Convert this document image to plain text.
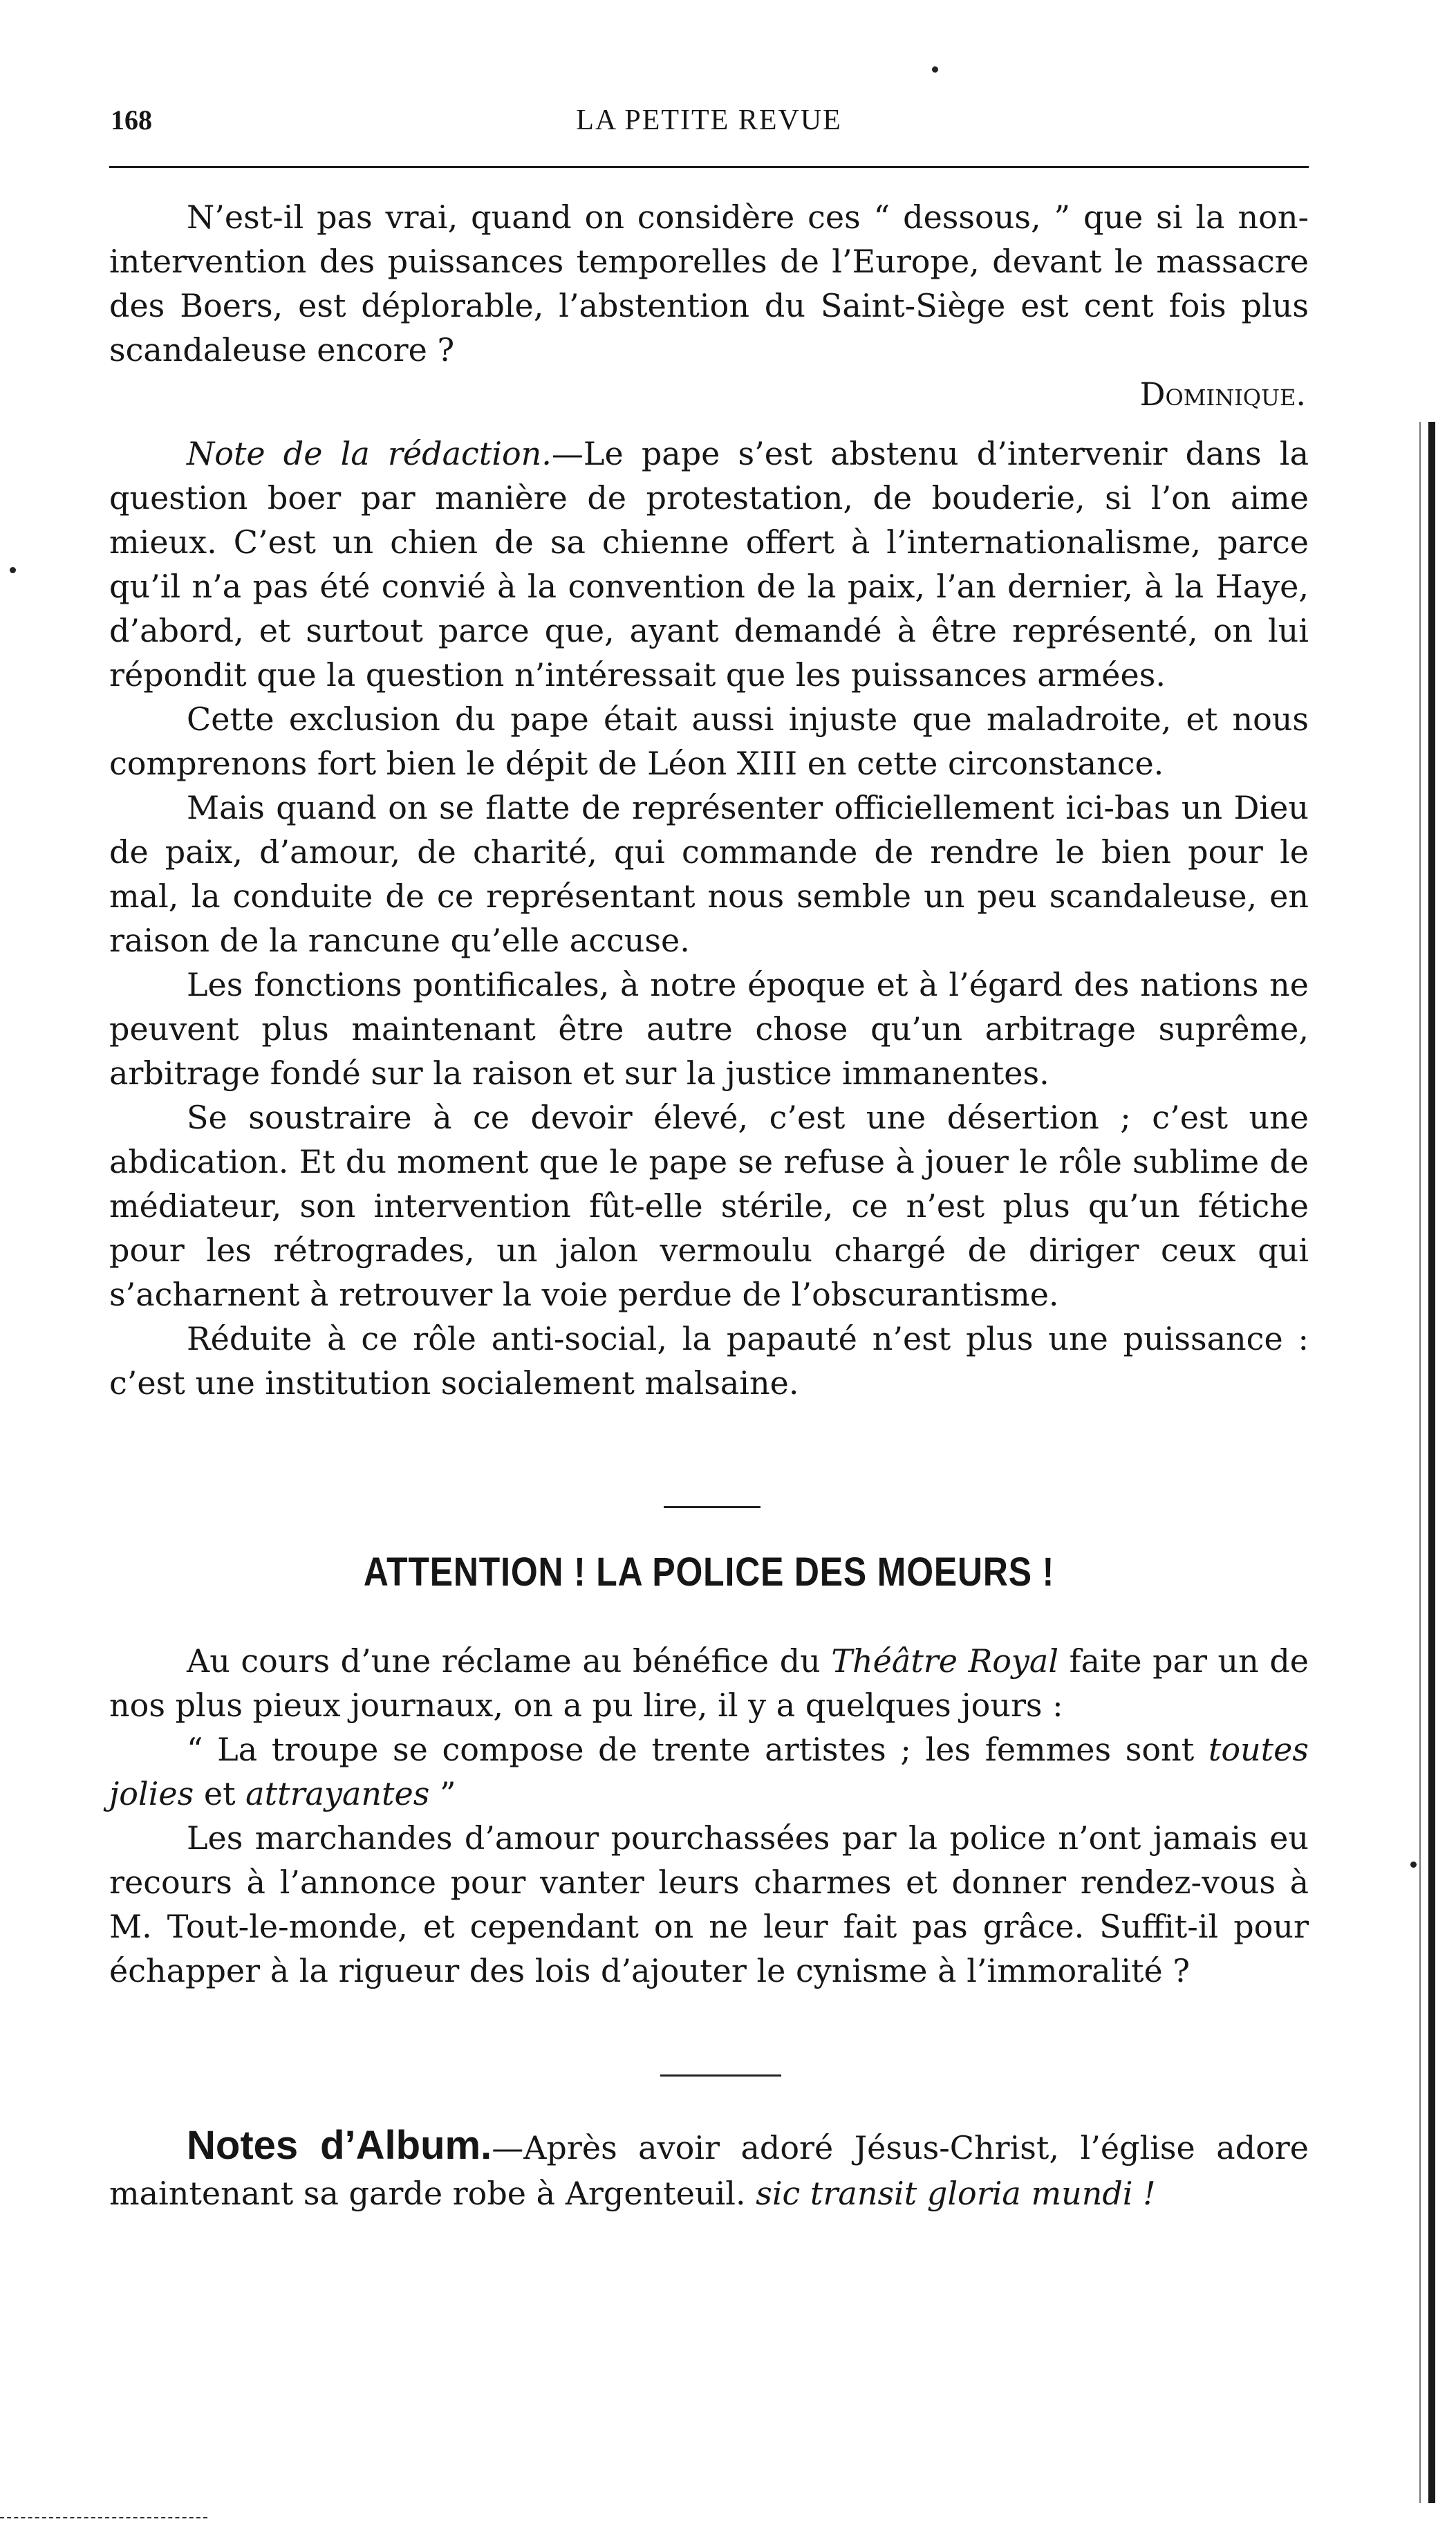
168	LA PETITE REVUE

N’est-il pas vrai, quand on considère ces “ dessous, ” que si la non-intervention des puissances temporelles de l’Europe, devant le massacre des Boers, est déplorable, l’abstention du Saint-Siège est cent fois plus scandaleuse encore ?

Dominique.

Note de la rédaction.—Le pape s’est abstenu d’intervenir dans la question boer par manière de protestation, de bouderie, si l’on aime mieux. C’est un chien de sa chienne offert à l’internationalisme, parce qu’il n’a pas été convié à la convention de la paix, l’an dernier, à la Haye, d’abord, et surtout parce que, ayant demandé à être représenté, on lui répondit que la question n’intéressait que les puissances armées.

Cette exclusion du pape était aussi injuste que maladroite, et nous comprenons fort bien le dépit de Léon XIII en cette circonstance.

Mais quand on se flatte de représenter officiellement ici-bas un Dieu de paix, d’amour, de charité, qui commande de rendre le bien pour le mal, la conduite de ce représentant nous semble un peu scandaleuse, en raison de la rancune qu’elle accuse.

Les fonctions pontificales, à notre époque et à l’égard des nations ne peuvent plus maintenant être autre chose qu’un arbitrage suprême, arbitrage fondé sur la raison et sur la justice immanentes.

Se soustraire à ce devoir élevé, c’est une désertion ; c’est une abdication. Et du moment que le pape se refuse à jouer le rôle sublime de médiateur, son intervention fût-elle stérile, ce n’est plus qu’un fétiche pour les rétrogrades, un jalon vermoulu chargé de diriger ceux qui s’acharnent à retrouver la voie perdue de l’obscurantisme.

Réduite à ce rôle anti-social, la papauté n’est plus une puissance : c’est une institution socialement malsaine.

ATTENTION ! LA POLICE DES MOEURS !

Au cours d’une réclame au bénéfice du Théâtre Royal faite par un de nos plus pieux journaux, on a pu lire, il y a quelques jours :

“ La troupe se compose de trente artistes ; les femmes sont toutes jolies et attrayantes ”

Les marchandes d’amour pourchassées par la police n’ont jamais eu recours à l’annonce pour vanter leurs charmes et donner rendez-vous à M. Tout-le-monde, et cependant on ne leur fait pas grâce. Suffit-il pour échapper à la rigueur des lois d’ajouter le cynisme à l’immoralité ?

Notes d’Album.—Après avoir adoré Jésus-Christ, l’église adore maintenant sa garde robe à Argenteuil. sic transit gloria mundi !
